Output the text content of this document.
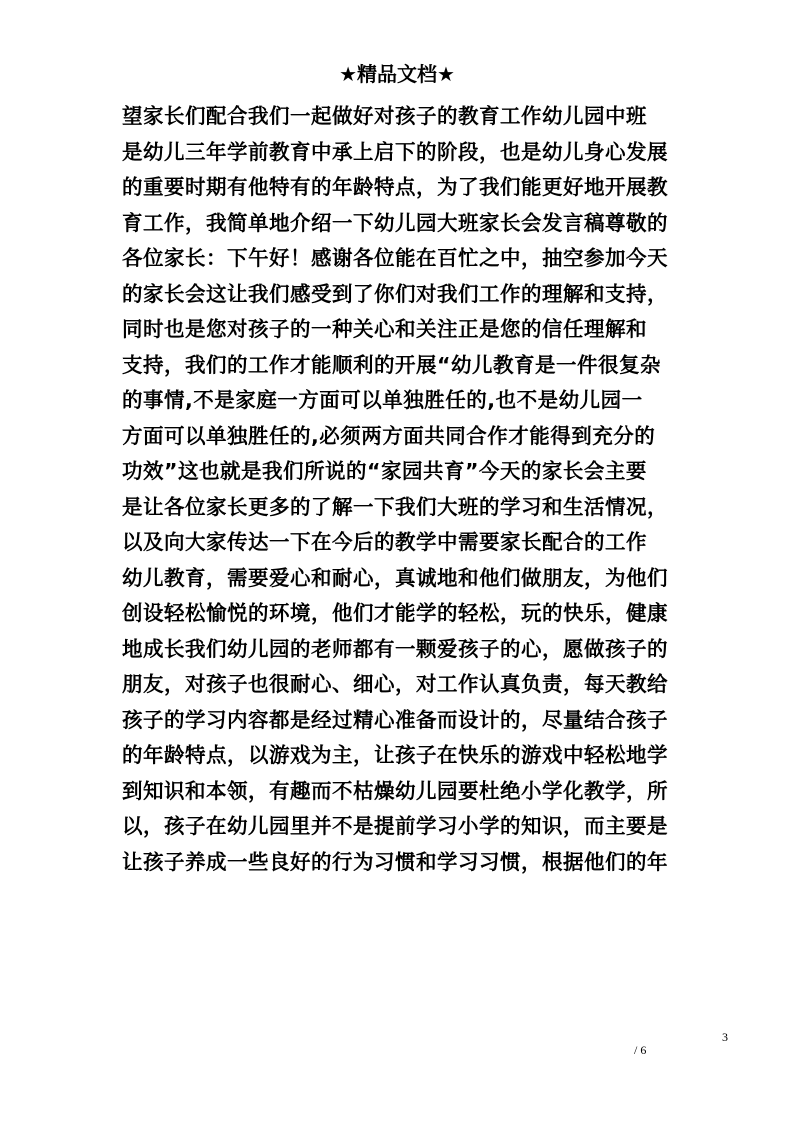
★精品文档★
望家长们配合我们一起做好对孩子的教育工作幼儿园中班
是幼儿三年学前教育中承上启下的阶段，也是幼儿身心发展
的重要时期有他特有的年龄特点，为了我们能更好地开展教
育工作，我简单地介绍一下幼儿园大班家长会发言稿尊敬的
各位家长：下午好！感谢各位能在百忙之中，抽空参加今天
的家长会这让我们感受到了你们对我们工作的理解和支持，
同时也是您对孩子的一种关心和关注正是您的信任理解和
支持，我们的工作才能顺利的开展“幼儿教育是一件很复杂
的事情,不是家庭一方面可以单独胜任的,也不是幼儿园一
方面可以单独胜任的,必须两方面共同合作才能得到充分的
功效”这也就是我们所说的“家园共育”今天的家长会主要
是让各位家长更多的了解一下我们大班的学习和生活情况，
以及向大家传达一下在今后的教学中需要家长配合的工作
幼儿教育，需要爱心和耐心，真诚地和他们做朋友，为他们
创设轻松愉悦的环境，他们才能学的轻松，玩的快乐，健康
地成长我们幼儿园的老师都有一颗爱孩子的心，愿做孩子的
朋友，对孩子也很耐心、细心，对工作认真负责，每天教给
孩子的学习内容都是经过精心准备而设计的，尽量结合孩子
的年龄特点，以游戏为主，让孩子在快乐的游戏中轻松地学
到知识和本领，有趣而不枯燥幼儿园要杜绝小学化教学，所
以，孩子在幼儿园里并不是提前学习小学的知识，而主要是
让孩子养成一些良好的行为习惯和学习习惯，根据他们的年
3
/ 6
